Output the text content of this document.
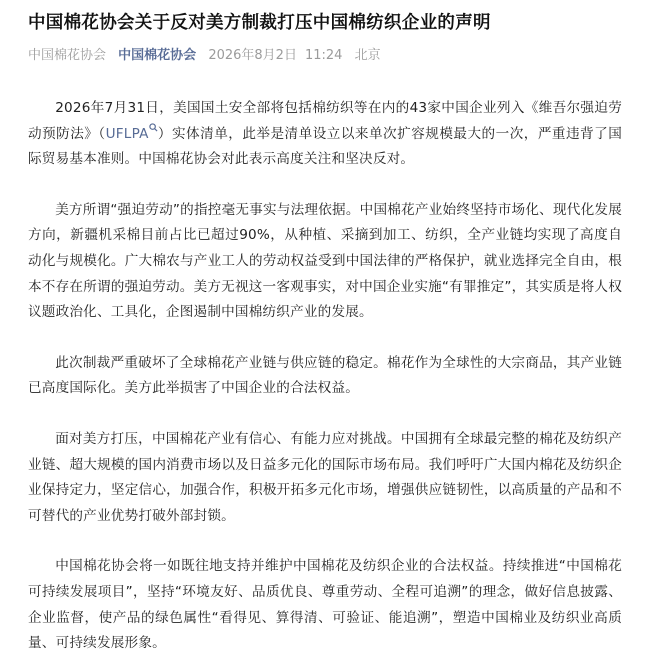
中国棉花协会关于反对美方制裁打压中国棉纺织企业的声明
中国棉花协会 中国棉花协会 2026年8月2日 11:24 北京

2026年7月31日，美国国土安全部将包括棉纺织等在内的43家中国企业列入《维吾尔强迫劳动预防法》（UFLPA ）实体清单，此举是清单设立以来单次扩容规模最大的一次，严重违背了国际贸易基本准则。中国棉花协会对此表示高度关注和坚决反对。

美方所谓“强迫劳动”的指控毫无事实与法理依据。中国棉花产业始终坚持市场化、现代化发展方向，新疆机采棉目前占比已超过90%，从种植、采摘到加工、纺织，全产业链均实现了高度自动化与规模化。广大棉农与产业工人的劳动权益受到中国法律的严格保护，就业选择完全自由，根本不存在所谓的强迫劳动。美方无视这一客观事实，对中国企业实施“有罪推定”，其实质是将人权议题政治化、工具化，企图遏制中国棉纺织产业的发展。

此次制裁严重破坏了全球棉花产业链与供应链的稳定。棉花作为全球性的大宗商品，其产业链已高度国际化。美方此举损害了中国企业的合法权益。

面对美方打压，中国棉花产业有信心、有能力应对挑战。中国拥有全球最完整的棉花及纺织产业链、超大规模的国内消费市场以及日益多元化的国际市场布局。我们呼吁广大国内棉花及纺织企业保持定力，坚定信心，加强合作，积极开拓多元化市场，增强供应链韧性，以高质量的产品和不可替代的产业优势打破外部封锁。

中国棉花协会将一如既往地支持并维护中国棉花及纺织企业的合法权益。持续推进“中国棉花可持续发展项目”，坚持“环境友好、品质优良、尊重劳动、全程可追溯”的理念，做好信息披露、企业监督，使产品的绿色属性“看得见、算得清、可验证、能追溯”，塑造中国棉业及纺织业高质量、可持续发展形象。
